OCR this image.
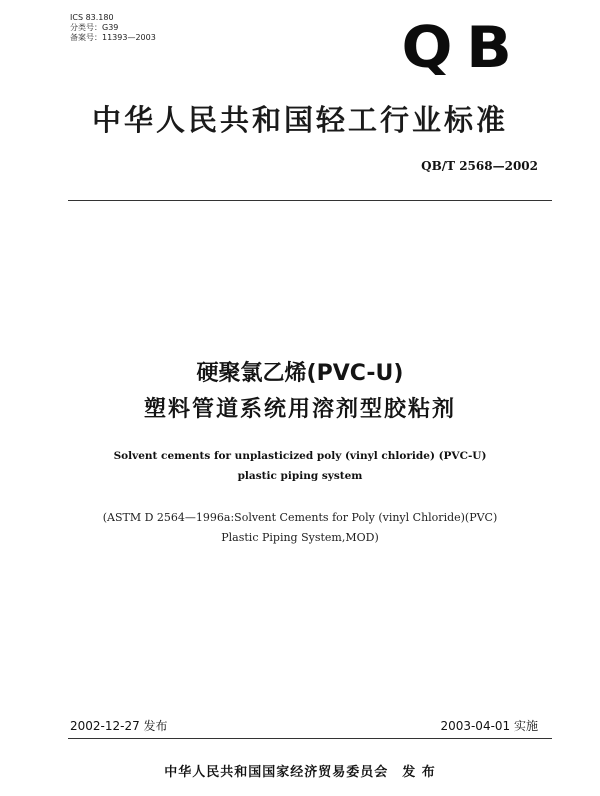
ICS 83.180
分类号：G39
备案号：11393—2003	Q B
中华人民共和国轻工行业标准
QB/T 2568—2002
硬聚氯乙烯(PVC-U)
塑料管道系统用溶剂型胶粘剂
Solvent cements for unplasticized poly (vinyl chloride) (PVC-U)
plastic piping system
(ASTM D 2564—1996a:Solvent Cements for Poly (vinyl Chloride)(PVC)
Plastic Piping System,MOD)
2002-12-27 发布	2003-04-01 实施
中华人民共和国国家经济贸易委员会　发 布
